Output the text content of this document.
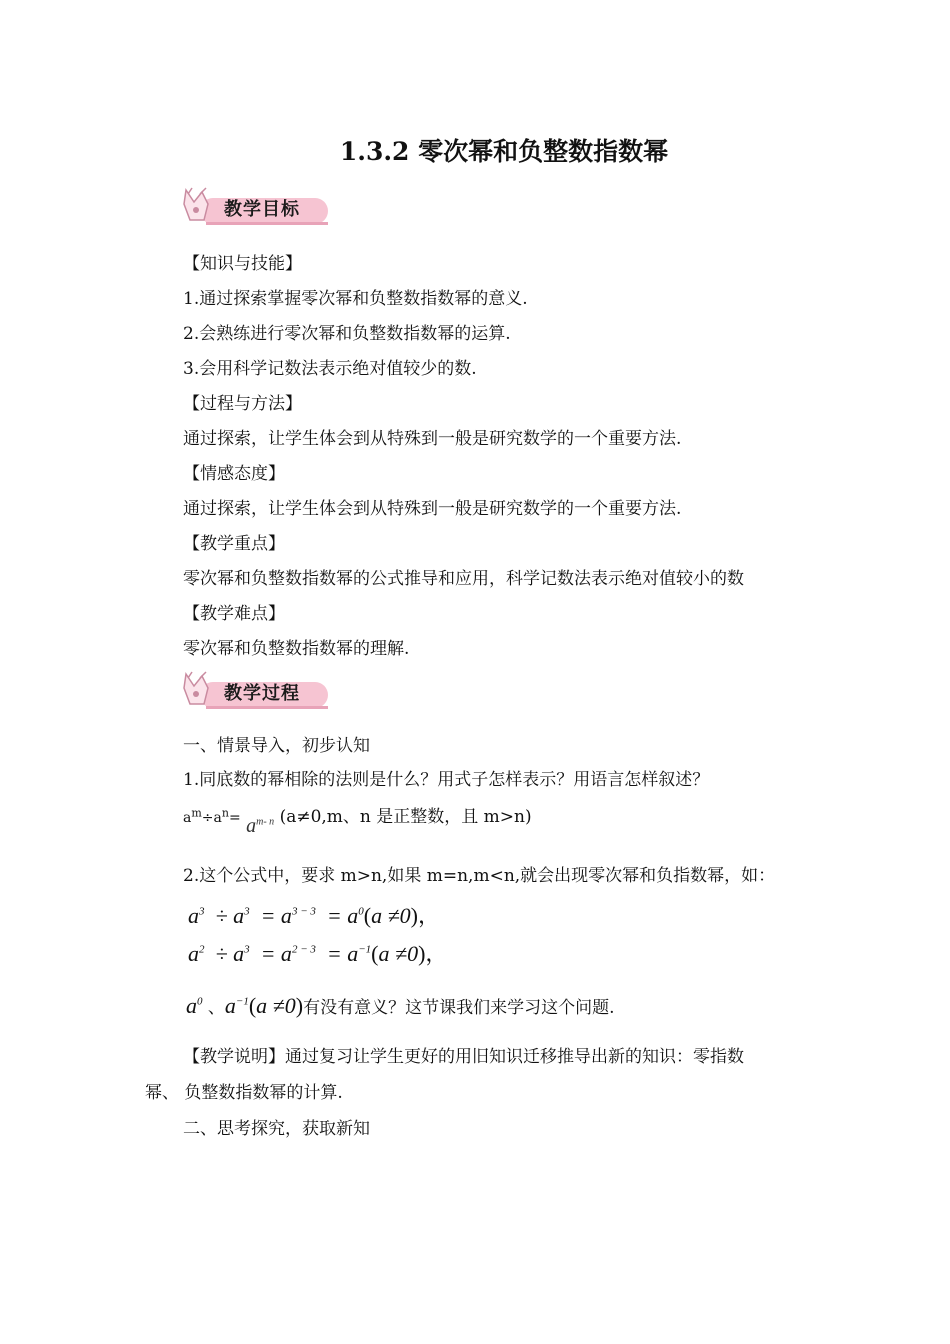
1.3.2 零次幂和负整数指数幂
教学目标
【知识与技能】
1.通过探索掌握零次幂和负整数指数幂的意义.
2.会熟练进行零次幂和负整数指数幂的运算.
3.会用科学记数法表示绝对值较少的数.
【过程与方法】
通过探索，让学生体会到从特殊到一般是研究数学的一个重要方法.
【情感态度】
通过探索，让学生体会到从特殊到一般是研究数学的一个重要方法.
【教学重点】
零次幂和负整数指数幂的公式推导和应用，科学记数法表示绝对值较小的数
【教学难点】
零次幂和负整数指数幂的理解.
教学过程
一、情景导入，初步认知
1.同底数的幂相除的法则是什么？用式子怎样表示？用语言怎样叙述？
$a^m\div a^n= a^{m- n}$ (a≠0,m、n 是正整数，且 m>n)
2.这个公式中，要求 m>n,如果 m=n,m<n,就会出现零次幂和负指数幂，如：
$a^3 \div a^3 = a^{3 - 3} = a^0(a \ne 0)$，
$a^2 \div a^3 = a^{2 - 3} = a^{-1}(a \ne 0)$，
$a^0$ 、$a^{-1}(a \ne 0)$有没有意义？这节课我们来学习这个问题.
【教学说明】通过复习让学生更好的用旧知识迁移推导出新的知识：零指数
幂、 负整数指数幂的计算.
二、思考探究，获取新知
